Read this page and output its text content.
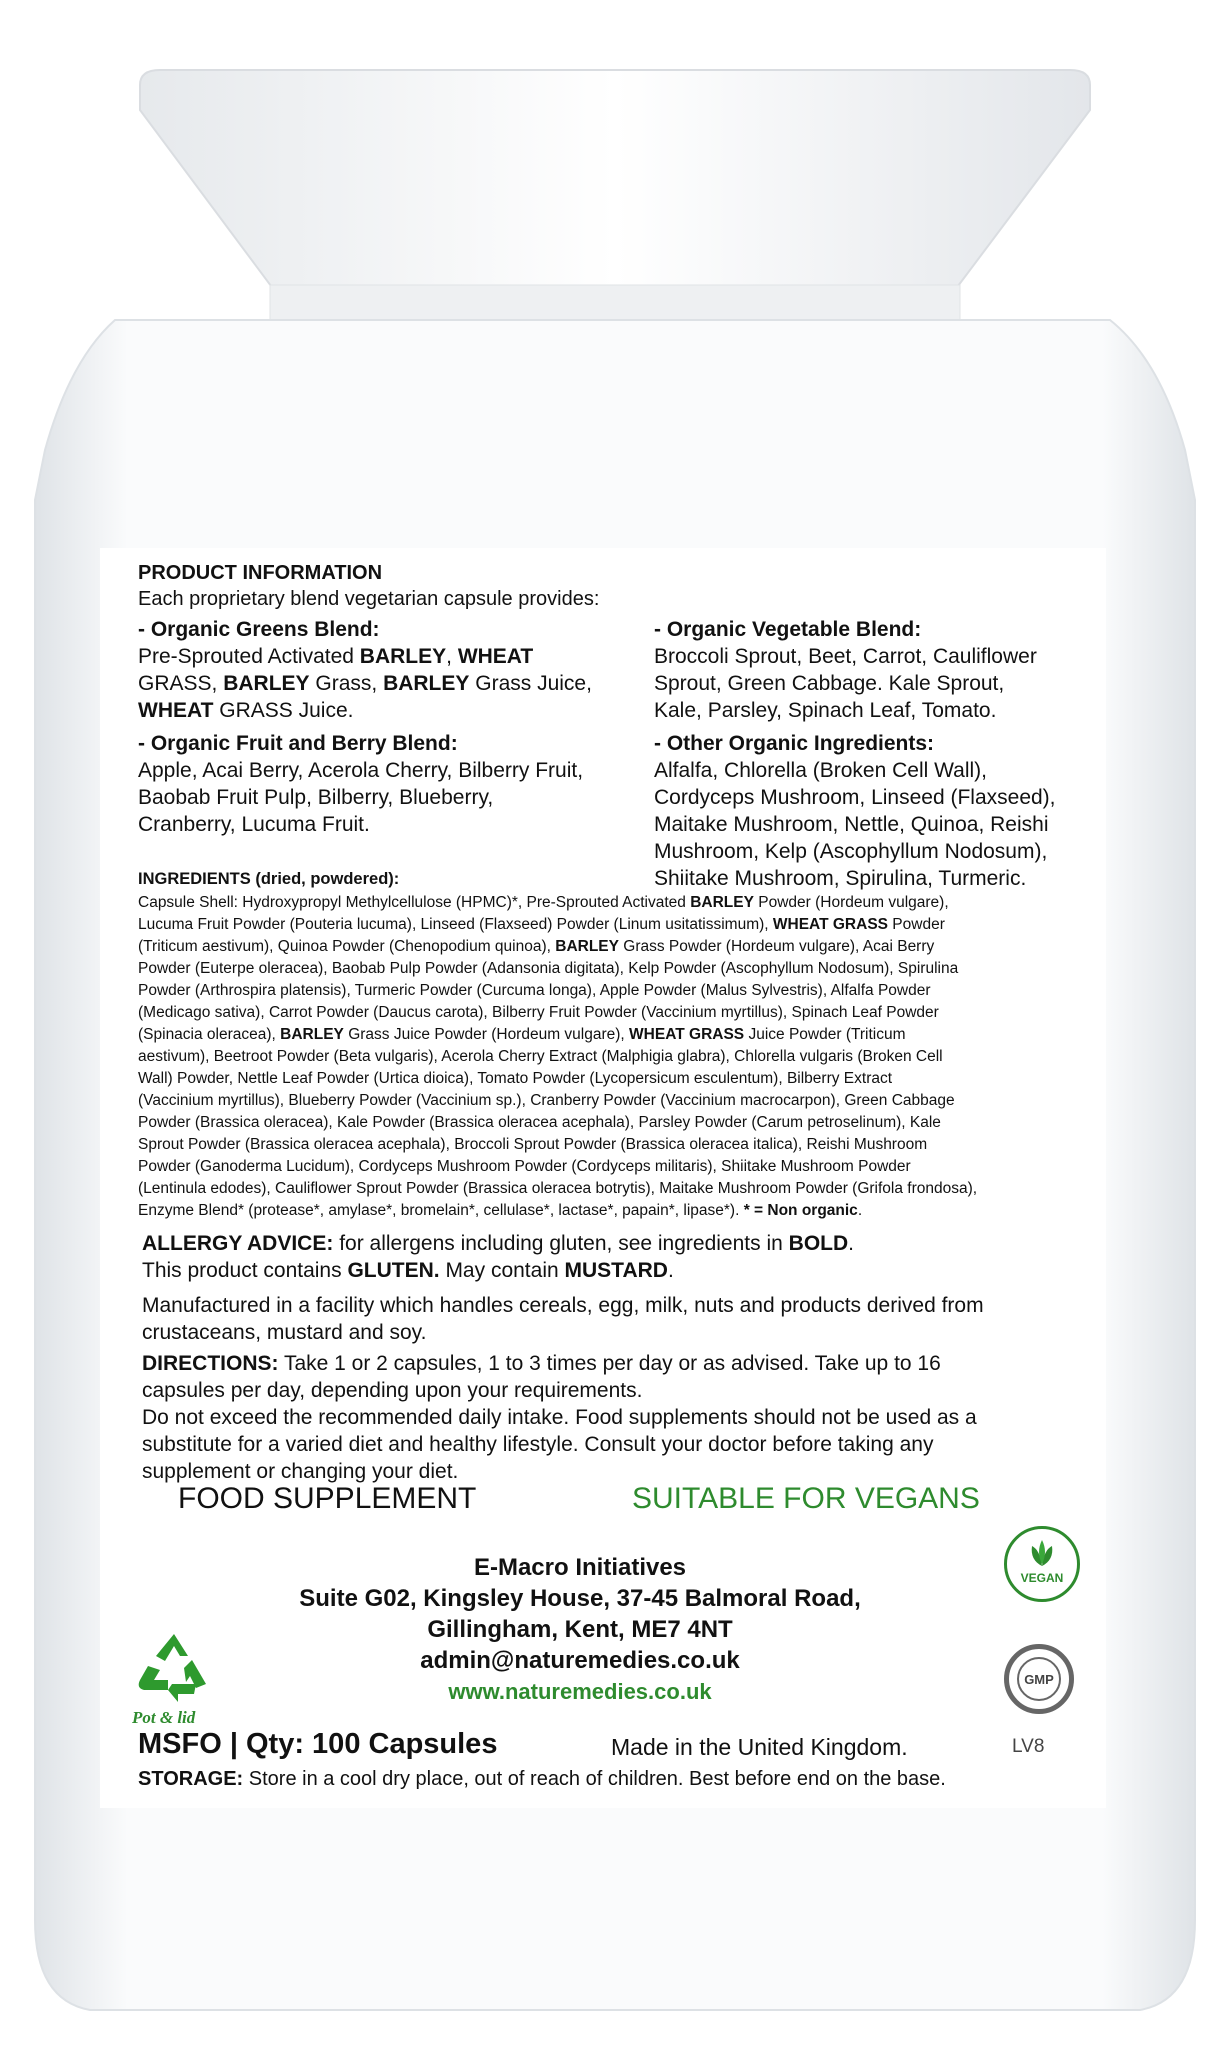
PRODUCT INFORMATION
Each proprietary blend vegetarian capsule provides:

- Organic Greens Blend:

Pre-Sprouted Activated BARLEY, WHEAT

GRASS, BARLEY Grass, BARLEY Grass Juice,

WHEAT GRASS Juice.

- Organic Fruit and Berry Blend:

Apple, Acai Berry, Acerola Cherry, Bilberry Fruit,

Baobab Fruit Pulp, Bilberry, Blueberry,

Cranberry, Lucuma Fruit.

- Organic Vegetable Blend:

Broccoli Sprout, Beet, Carrot, Cauliflower

Sprout, Green Cabbage. Kale Sprout,

Kale, Parsley, Spinach Leaf, Tomato.

- Other Organic Ingredients:

Alfalfa, Chlorella (Broken Cell Wall),

Cordyceps Mushroom, Linseed (Flaxseed),

Maitake Mushroom, Nettle, Quinoa, Reishi

Mushroom, Kelp (Ascophyllum Nodosum),

Shiitake Mushroom, Spirulina, Turmeric.

INGREDIENTS (dried, powdered):

Capsule Shell: Hydroxypropyl Methylcellulose (HPMC)*, Pre-Sprouted Activated BARLEY Powder (Hordeum vulgare),

Lucuma Fruit Powder (Pouteria lucuma), Linseed (Flaxseed) Powder (Linum usitatissimum), WHEAT GRASS Powder

(Triticum aestivum), Quinoa Powder (Chenopodium quinoa), BARLEY Grass Powder (Hordeum vulgare), Acai Berry

Powder (Euterpe oleracea), Baobab Pulp Powder (Adansonia digitata), Kelp Powder (Ascophyllum Nodosum), Spirulina

Powder (Arthrospira platensis), Turmeric Powder (Curcuma longa), Apple Powder (Malus Sylvestris), Alfalfa Powder

(Medicago sativa), Carrot Powder (Daucus carota), Bilberry Fruit Powder (Vaccinium myrtillus), Spinach Leaf Powder

(Spinacia oleracea), BARLEY Grass Juice Powder (Hordeum vulgare), WHEAT GRASS Juice Powder (Triticum

aestivum), Beetroot Powder (Beta vulgaris), Acerola Cherry Extract (Malphigia glabra), Chlorella vulgaris (Broken Cell

Wall) Powder, Nettle Leaf Powder (Urtica dioica), Tomato Powder (Lycopersicum esculentum), Bilberry Extract

(Vaccinium myrtillus), Blueberry Powder (Vaccinium sp.), Cranberry Powder (Vaccinium macrocarpon), Green Cabbage

Powder (Brassica oleracea), Kale Powder (Brassica oleracea acephala), Parsley Powder (Carum petroselinum), Kale

Sprout Powder (Brassica oleracea acephala), Broccoli Sprout Powder (Brassica oleracea italica), Reishi Mushroom

Powder (Ganoderma Lucidum), Cordyceps Mushroom Powder (Cordyceps militaris), Shiitake Mushroom Powder

(Lentinula edodes), Cauliflower Sprout Powder (Brassica oleracea botrytis), Maitake Mushroom Powder (Grifola frondosa),

Enzyme Blend* (protease*, amylase*, bromelain*, cellulase*, lactase*, papain*, lipase*). * = Non organic.

ALLERGY ADVICE: for allergens including gluten, see ingredients in BOLD.

This product contains GLUTEN. May contain MUSTARD.

Manufactured in a facility which handles cereals, egg, milk, nuts and products derived from

crustaceans, mustard and soy.

DIRECTIONS: Take 1 or 2 capsules, 1 to 3 times per day or as advised. Take up to 16

capsules per day, depending upon your requirements.

Do not exceed the recommended daily intake. Food supplements should not be used as a

substitute for a varied diet and healthy lifestyle. Consult your doctor before taking any

supplement or changing your diet.

FOOD SUPPLEMENT	SUITABLE FOR VEGANS

E-Macro Initiatives

Suite G02, Kingsley House, 37-45 Balmoral Road,

Gillingham, Kent, ME7 4NT

admin@naturemedies.co.uk

www.naturemedies.co.uk

Pot & lid
VEGAN
GMP
MSFO | Qty: 100 Capsules	Made in the United Kingdom.	LV8
STORAGE: Store in a cool dry place, out of reach of children. Best before end on the base.
